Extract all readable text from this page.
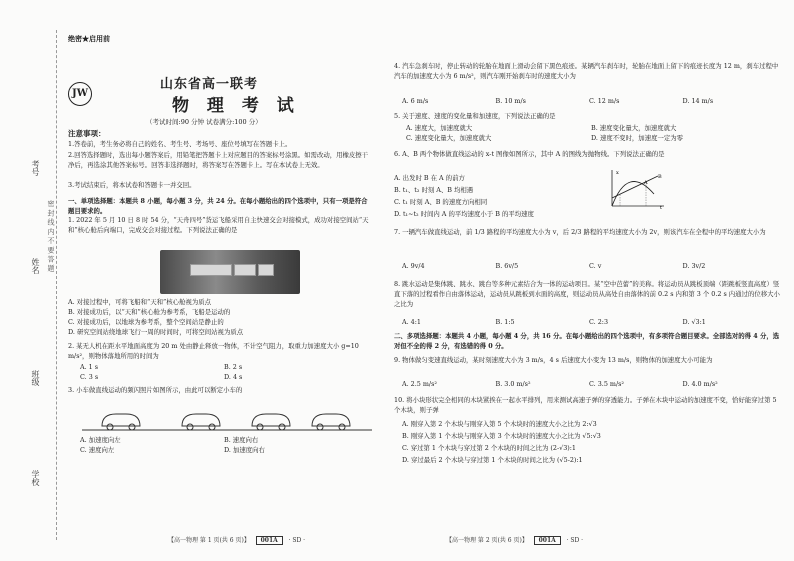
考号
姓名
班级
学校
密 封 线 内 不 要 答 题
绝密★启用前
JW
山东省高一联考
物 理 考 试
（考试时间:90 分钟 试卷满分:100 分）
注意事项：
1.答卷前，考生务必将自己的姓名、考生号、考场号、座位号填写在答题卡上。
2.回答选择题时，选出每小题答案后，用铅笔把答题卡上对应题目的答案标号涂黑。如需改动，用橡皮擦干净后，再选涂其他答案标号。回答非选择题时，将答案写在答题卡上。写在本试卷上无效。
3.考试结束后，将本试卷和答题卡一并交回。
一、单项选择题：本题共 8 小题，每小题 3 分，共 24 分。在每小题给出的四个选项中，只有一项是符合题目要求的。
1. 2022 年 5 月 10 日 8 时 54 分，“天舟四号”货运飞船采用自主快速交会对接模式，成功对接空间站“天和”核心舱后向端口，完成交会对接过程。下列说法正确的是
A. 对接过程中，可将飞船和“天和”核心舱视为质点
B. 对接成功后，以“天和”核心舱为参考系，飞船是运动的
C. 对接成功后，以地球为参考系，整个空间站是静止的
D. 研究空间站绕地球飞行一周的时间时，可将空间站视为质点
2. 某无人机在距水平地面高度为 20 m 处由静止释放一物体，不计空气阻力，取重力加速度大小 g=10 m/s²，则物体落地所用的时间为
A. 1 s	B. 2 s
C. 3 s	D. 4 s
3. 小车做直线运动的频闪照片如图所示，由此可以断定小车的
A. 加速度向左	B. 速度向右
C. 速度向左	D. 加速度向右
【高一物理 第 1 页(共 6 页)】 001A · SD ·
4. 汽车急刹车时，停止转动的轮胎在地面上滑动会留下黑色痕迹。某辆汽车刹车时，轮胎在地面上留下的痕迹长度为 12 m，刹车过程中汽车的加速度大小为 6 m/s²，则汽车刚开始刹车时的速度大小为
A. 6 m/s	B. 10 m/s	C. 12 m/s	D. 14 m/s
5. 关于速度、速度的变化量和加速度，下列说法正确的是
A. 速度大，加速度就大	B. 速度变化量大，加速度就大
C. 速度变化量大，加速度就大	D. 速度不变时，加速度一定为零
6. A、B 两个物体做直线运动的 x-t 图像如图所示，其中 A 的图线为抛物线。下列说法正确的是
A. 出发时 B 在 A 的前方
B. t₁、t₂ 时刻 A、B 均相遇
C. t₁ 时刻 A、B 的速度方向相同
D. t₁~t₂ 时间内 A 的平均速度小于 B 的平均速度
x
t
A
B
7. 一辆汽车做直线运动，前 1/3 路程的平均速度大小为 v，后 2/3 路程的平均速度大小为 2v，则该汽车在全程中的平均速度大小为
A. 9v/4	B. 6v/5	C. v	D. 3v/2
8. 跳水运动是集体跳、跳水、跳台等多种元素结合为一体的运动项目。某“空中芭蕾”的美称。将运动员从跳板顶端（距跳板竖直高度）竖直下落的过程看作自由落体运动，运动员从跳板到水面的高度，则运动员从高处自由落体的前 0.2 s 内和第 3 个 0.2 s 内通过的位移大小之比为
A. 4:1	B. 1:5	C. 2:3	D. √3:1
二、多项选择题：本题共 4 小题，每小题 4 分，共 16 分。在每小题给出的四个选项中，有多项符合题目要求。全部选对的得 4 分，选对但不全的得 2 分，有选错的得 0 分。
9. 物体做匀变速直线运动，某时刻速度大小为 3 m/s，4 s 后速度大小变为 13 m/s，则物体的加速度大小可能为
A. 2.5 m/s²	B. 3.0 m/s²	C. 3.5 m/s²	D. 4.0 m/s²
10. 将小块形状完全相同的木块紧挨在一起水平排列，用来测试高速子弹的穿透能力。子弹在木块中运动的加速度不变，恰好能穿过第 5 个木块，则子弹
A. 刚穿入第 2 个木块与刚穿入第 5 个木块时的速度大小之比为 2:√3
B. 刚穿入第 1 个木块与刚穿入第 3 个木块时的速度大小之比为 √5:√3
C. 穿过第 1 个木块与穿过第 2 个木块的时间之比为 (2-√3):1
D. 穿过最后 2 个木块与穿过第 1 个木块的时间之比为 (√5-2):1
【高一物理 第 2 页(共 6 页)】 001A · SD ·
